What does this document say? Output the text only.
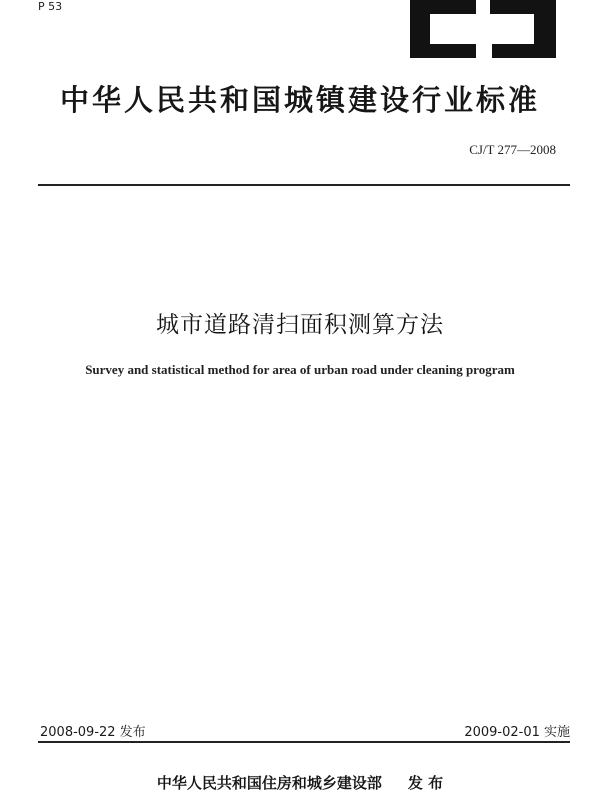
P 53
中华人民共和国城镇建设行业标准
CJ/T 277—2008
城市道路清扫面积测算方法
Survey and statistical method for area of urban road under cleaning program
2008-09-22 发布	2009-02-01 实施
中华人民共和国住房和城乡建设部 发 布
